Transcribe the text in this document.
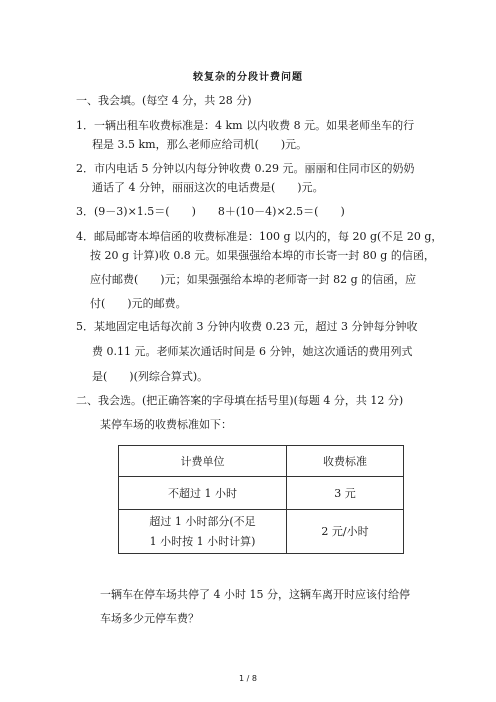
较复杂的分段计费问题
一、我会填。(每空 4 分，共 28 分)
1．一辆出租车收费标准是：4 km 以内收费 8 元。如果老师坐车的行
程是 3.5 km，那么老师应给司机(　　)元。
2．市内电话 5 分钟以内每分钟收费 0.29 元。丽丽和住同市区的奶奶
通话了 4 分钟，丽丽这次的电话费是(　　)元。
3．(9－3)×1.5＝(　　)　　8＋(10－4)×2.5＝(　　)
4．邮局邮寄本埠信函的收费标准是：100 g 以内的，每 20 g(不足 20 g，
按 20 g 计算)收 0.8 元。如果强强给本埠的市长寄一封 80 g 的信函，
应付邮费(　　)元；如果强强给本埠的老师寄一封 82 g 的信函，应
付(　　)元的邮费。
5．某地固定电话每次前 3 分钟内收费 0.23 元，超过 3 分钟每分钟收
费 0.11 元。老师某次通话时间是 6 分钟，她这次通话的费用列式
是(　　)(列综合算式)。
二、我会选。(把正确答案的字母填在括号里)(每题 4 分，共 12 分)
某停车场的收费标准如下：
计费单位	收费标准
不超过 1 小时	3 元

超过 1 小时部分(不足
1 小时按 1 小时计算)	2 元/小时
一辆车在停车场共停了 4 小时 15 分，这辆车离开时应该付给停
车场多少元停车费？
1 / 8
